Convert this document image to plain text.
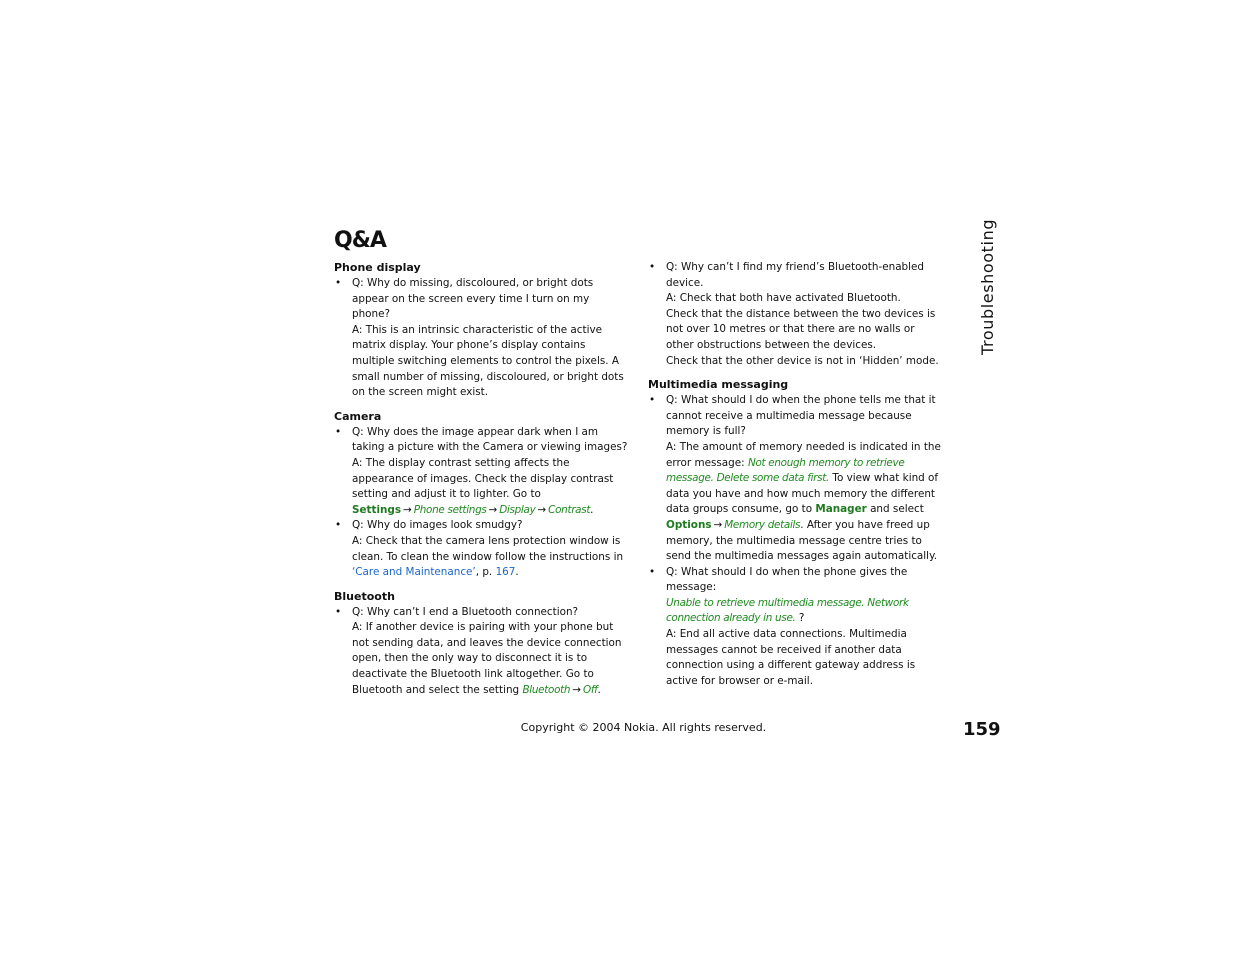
Q&A
Phone display
• Q: Why do missing, discoloured, or bright dots appear on the screen every time I turn on my phone?
A: This is an intrinsic characteristic of the active matrix display. Your phone’s display contains multiple switching elements to control the pixels. A small number of missing, discoloured, or bright dots on the screen might exist.
Camera
• Q: Why does the image appear dark when I am taking a picture with the Camera or viewing images?
A: The display contrast setting affects the appearance of images. Check the display contrast setting and adjust it to lighter. Go to Settings → Phone settings → Display → Contrast.
• Q: Why do images look smudgy?
A: Check that the camera lens protection window is clean. To clean the window follow the instructions in ‘Care and Maintenance’, p. 167.
Bluetooth
• Q: Why can’t I end a Bluetooth connection?
A: If another device is pairing with your phone but not sending data, and leaves the device connection open, then the only way to disconnect it is to deactivate the Bluetooth link altogether. Go to Bluetooth and select the setting Bluetooth → Off.
• Q: Why can’t I find my friend’s Bluetooth-enabled device.
A: Check that both have activated Bluetooth.
Check that the distance between the two devices is not over 10 metres or that there are no walls or other obstructions between the devices.
Check that the other device is not in ‘Hidden’ mode.
Multimedia messaging
• Q: What should I do when the phone tells me that it cannot receive a multimedia message because memory is full?
A: The amount of memory needed is indicated in the error message: Not enough memory to retrieve message. Delete some data first. To view what kind of data you have and how much memory the different data groups consume, go to Manager and select Options → Memory details. After you have freed up memory, the multimedia message centre tries to send the multimedia messages again automatically.
• Q: What should I do when the phone gives the message:
Unable to retrieve multimedia message. Network connection already in use. ?
A: End all active data connections. Multimedia messages cannot be received if another data connection using a different gateway address is active for browser or e-mail.
Troubleshooting
Copyright © 2004 Nokia. All rights reserved.	159
